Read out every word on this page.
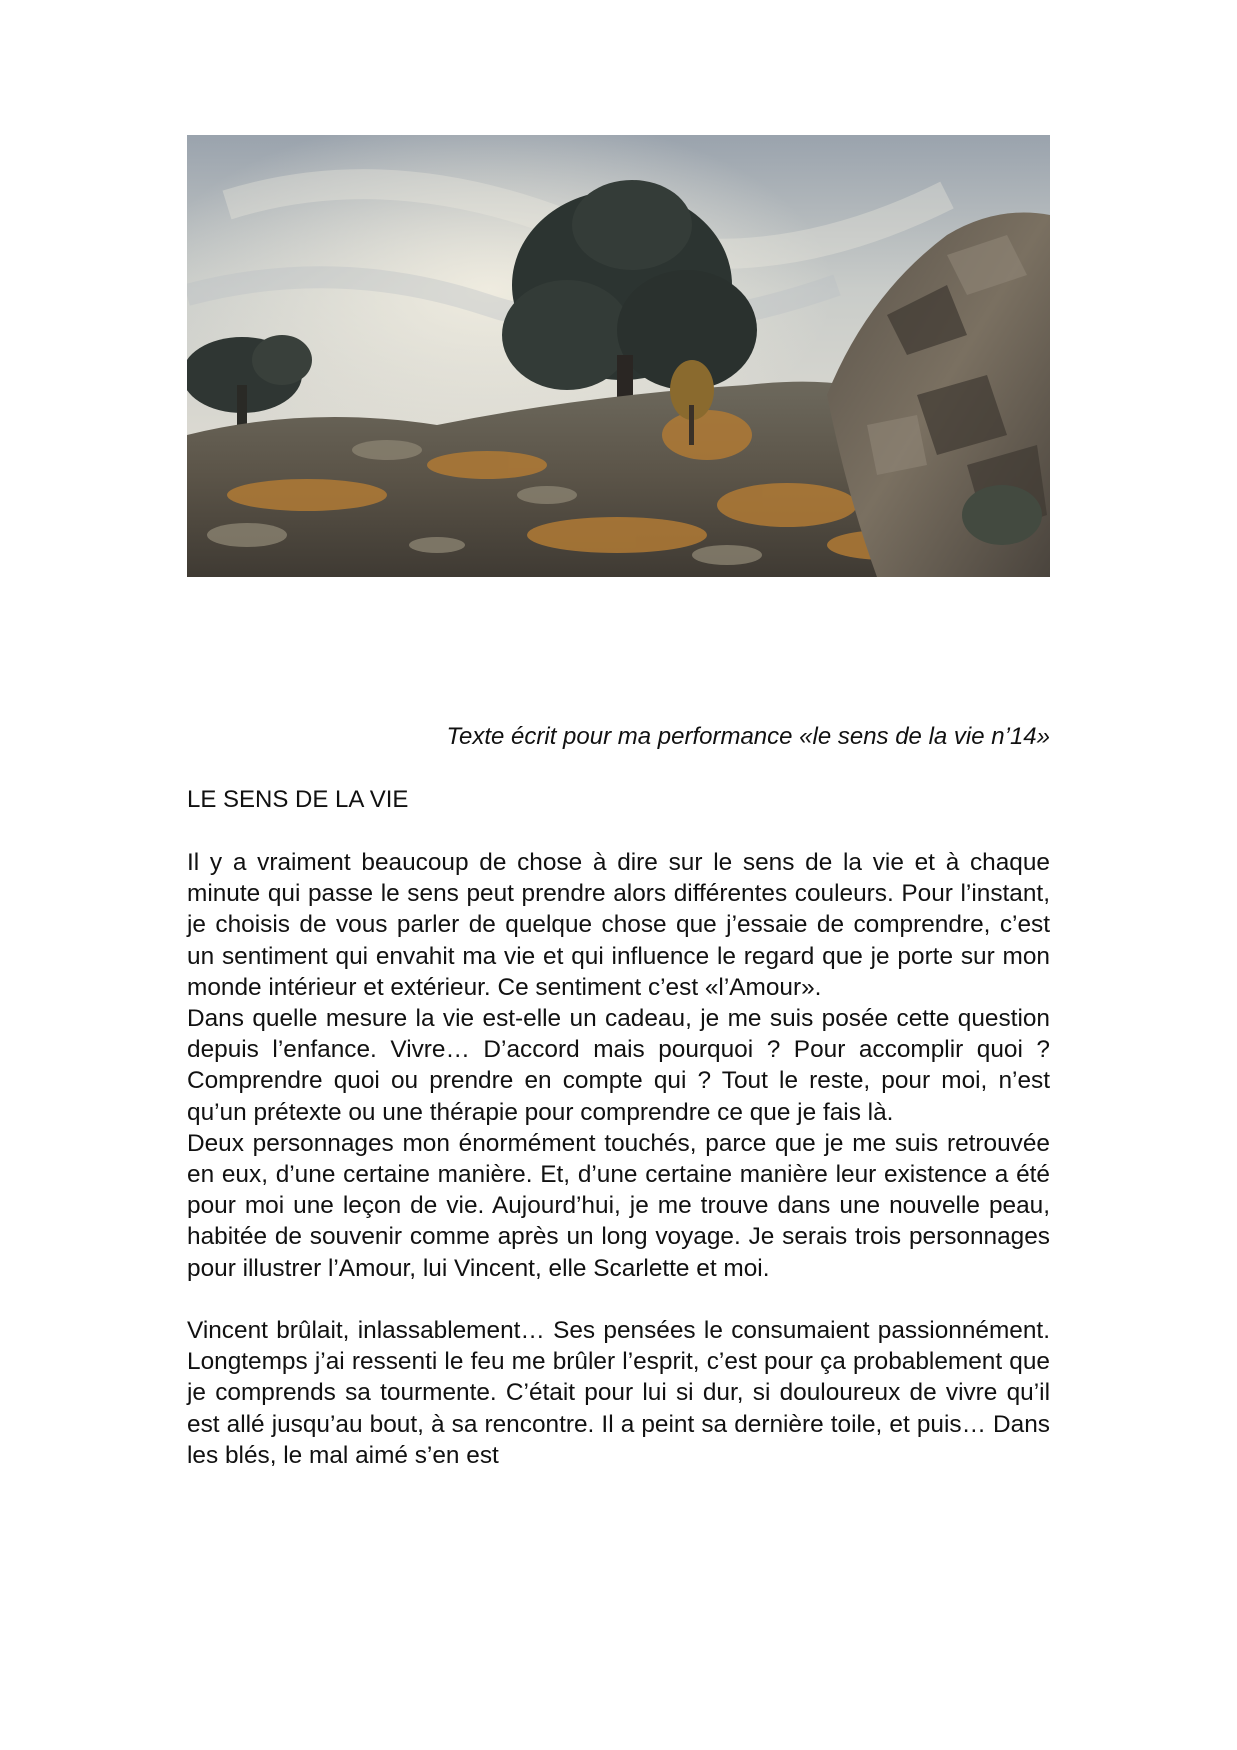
Texte écrit pour ma performance «le sens de la vie n’14»

LE SENS DE LA VIE

Il y a vraiment beaucoup de chose à dire sur le sens de la vie et à chaque minute qui passe le sens peut prendre alors différentes couleurs. Pour l’instant, je choisis de vous parler de quelque chose que j’essaie de comprendre, c’est un sentiment qui envahit ma vie et qui influence le regard que je porte sur mon monde intérieur et extérieur. Ce sentiment c’est «l’Amour».

Dans quelle mesure la vie est-elle un cadeau, je me suis posée cette question depuis l’enfance. Vivre… D’accord mais pourquoi ? Pour accomplir quoi ? Comprendre quoi ou prendre en compte qui ? Tout le reste, pour moi, n’est qu’un prétexte ou une thérapie pour comprendre ce que je fais là.

Deux personnages mon énormément touchés, parce que je me suis retrouvée en eux, d’une certaine manière. Et, d’une certaine manière leur existence a été pour moi une leçon de vie. Aujourd’hui, je me trouve dans une nouvelle peau, habitée de souvenir comme après un long voyage. Je serais trois personnages pour illustrer l’Amour, lui Vincent, elle Scarlette et moi.

Vincent brûlait, inlassablement… Ses pensées le consumaient passionnément. Longtemps j’ai ressenti le feu me brûler l’esprit, c’est pour ça probablement que je comprends sa tourmente. C’était pour lui si dur, si douloureux de vivre qu’il est allé jusqu’au bout, à sa rencontre. Il a peint sa dernière toile, et puis… Dans les blés, le mal aimé s’en est
